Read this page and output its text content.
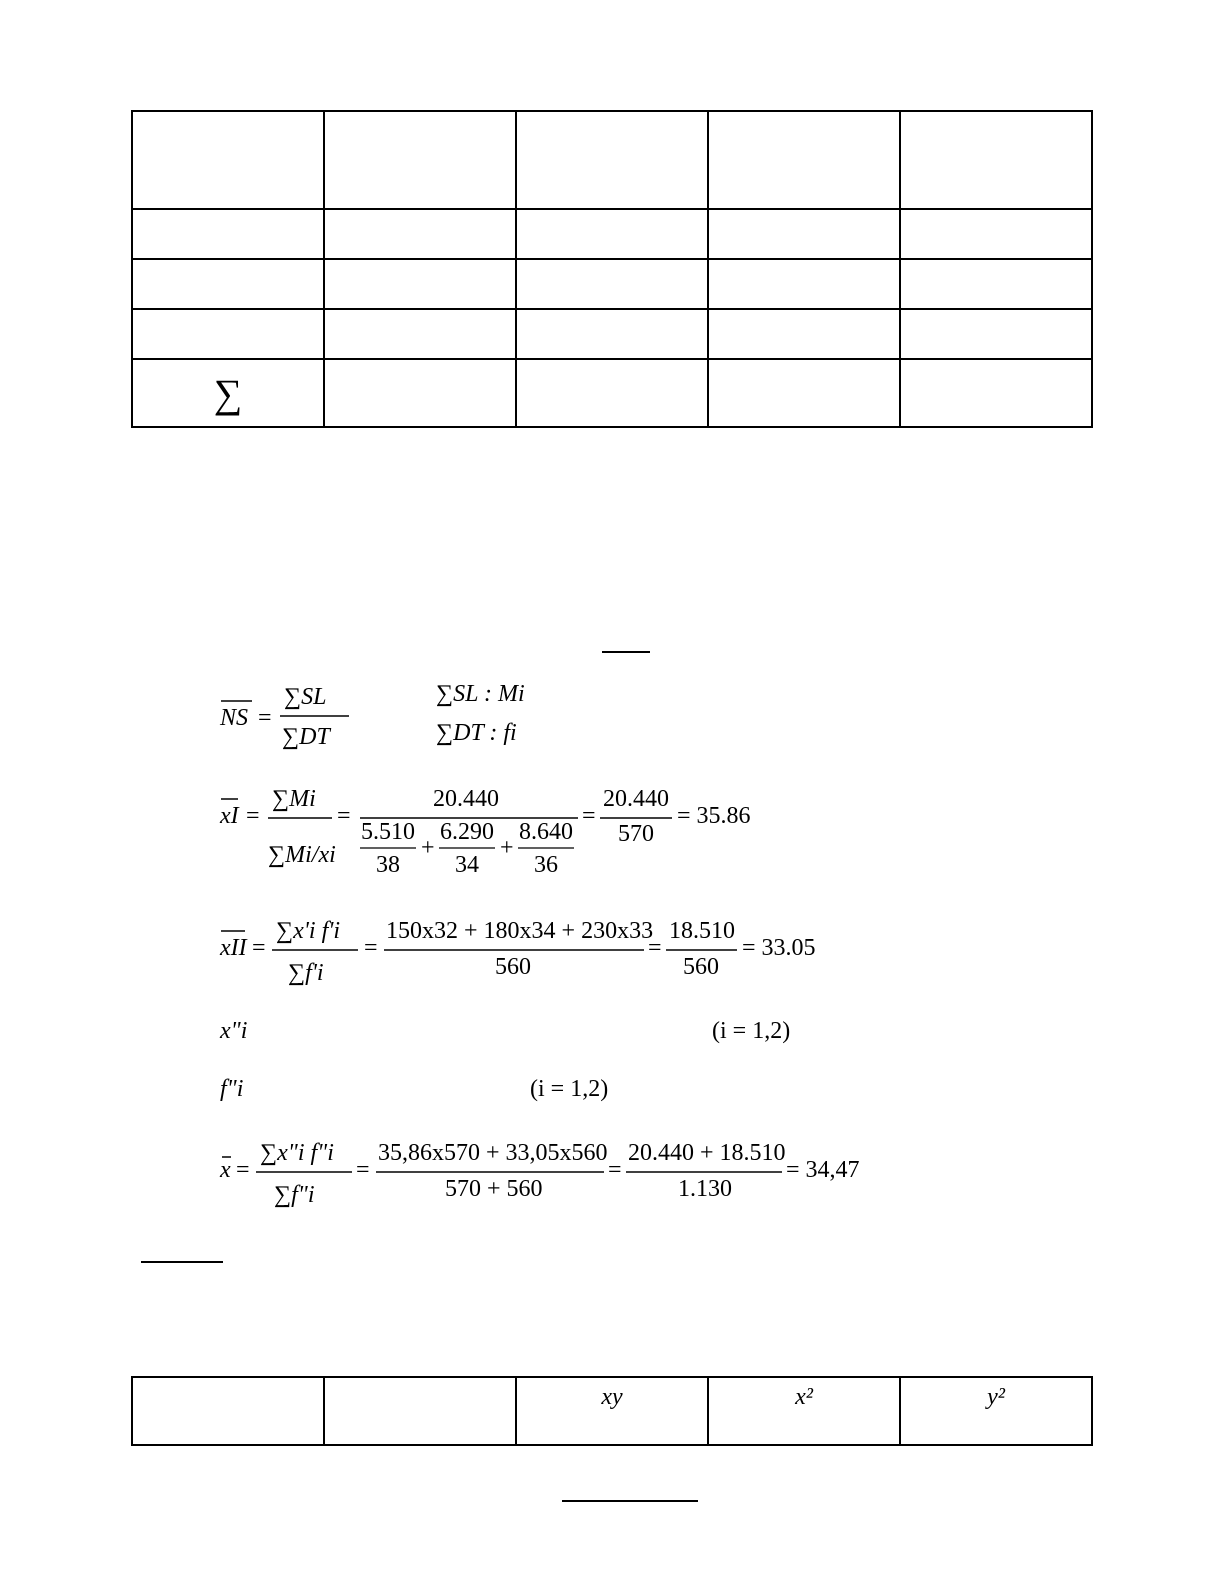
∑				
NS =
∑SL
∑DT
∑SL : Mi
∑DT : fi
xI =
∑Mi
∑Mi/xi
=
20.440
5.510
38
+
6.290
34
+
8.640
36
=
20.440
570
= 35.86
xII =
∑x'i f'i
∑f'i
=
150x32 + 180x34 + 230x33
560
=
18.510
560
= 33.05
x"i	(i = 1,2)
f"i	(i = 1,2)
x =
∑x"i f"i
∑f"i
=
35,86x570 + 33,05x560
570 + 560
=
20.440 + 18.510
1.130
= 34,47
		xy	x²	y²
